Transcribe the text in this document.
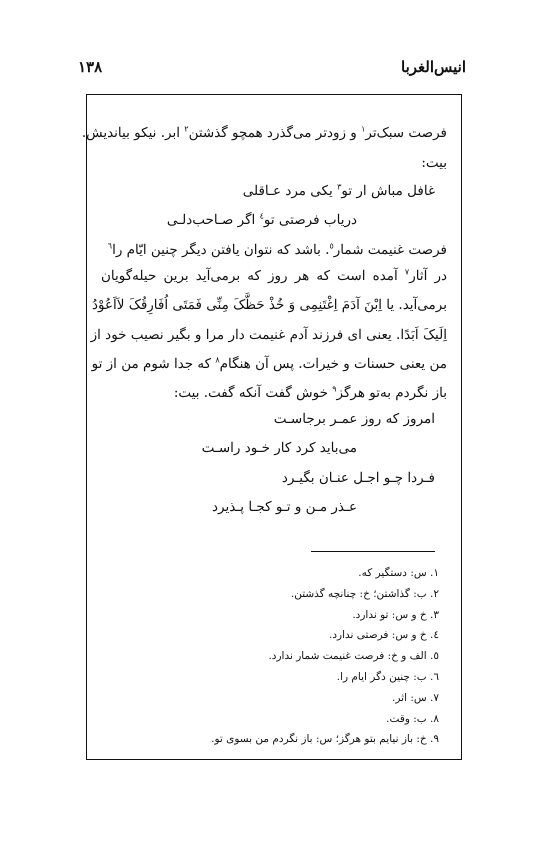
انیس‌الغربا
١٣٨
فرصت سبک‌تر$^١$ و زودتر می‌گذرد همچو گذشتن$^٢$ ابر. نیکو بیاندیش.
بیت:
غافل مباش ار تو$^٣$ یکی مرد عـاقلی
دریاب فرصتی تو$^٤$ اگر صـاحب‌دلـی
فرصت غنیمت شمار$^٥$. باشد که نتوان یافتن دیگر چنین ایّام را$^٦$
در آثار$^٧$ آمده است که هر روز که برمی‌آید برین حیله‌گویان
برمی‌آید. یا اِبْنَ آدَمَ اِغْتَنِمِی وَ خُذْ حَظَّکَ مِنِّی فَمَتَی اُفَارِقُکَ لاَاَعُوْدُ
اِلَیکَ اَبَدًا. یعنی ای فرزند آدم غنیمت دار مرا و بگیر نصیب خود از
من یعنی حسنات و خیرات. پس آن هنگام$^٨$ که جدا شوم من از تو
باز نگردم به‌تو هرگز$^٩$ خوش گفت آنکه گفت. بیت:
امروز که روز عمـر برجاسـت
می‌باید کرد کار خـود راسـت
فـردا چـو اجـل عنـان بگیـرد
عـذر مـن و تـو کجـا پـذیرد
١. س: دستگیر که.
٢. ب: گذاشتن؛ خ: چنانچه گذشتن.
٣. خ و س: تو ندارد.
٤. خ و س: فرصتی ندارد.
٥. الف و خ: فرصت غنیمت شمار ندارد.
٦. ب: چنین دگر ایام را.
٧. س: اثر.
٨. ب: وقت.
٩. خ: باز نیایم بتو هرگز؛ س: باز نگردم من بسوی تو.
